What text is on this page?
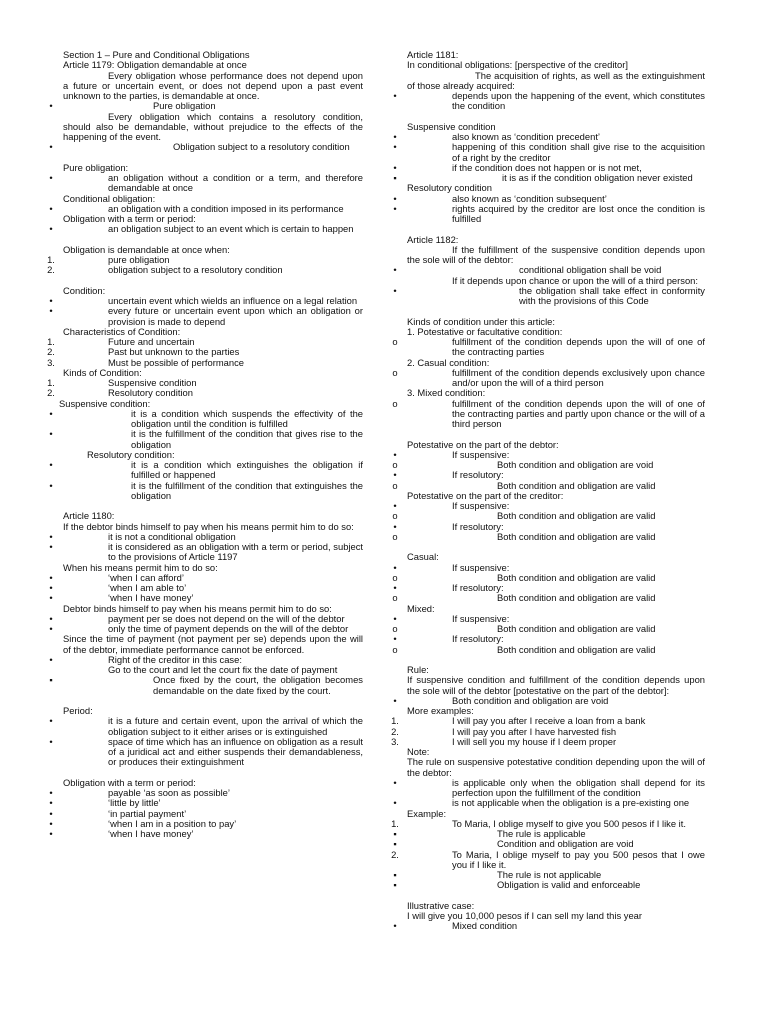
Section 1 – Pure and Conditional Obligations

Article 1179: Obligation demandable at once

Every obligation whose performance does not depend upon a future or uncertain event, or does not depend upon a past event unknown to the parties, is demandable at once.

•	Pure obligation

Every obligation which contains a resolutory condition, should also be demandable, without prejudice to the effects of the happening of the event.

•	Obligation subject to a resolutory condition

Pure obligation:

•	an obligation without a condition or a term, and therefore demandable at once

Conditional obligation:

•	an obligation with a condition imposed in its performance

Obligation with a term or period:

•	an obligation subject to an event which is certain to happen

Obligation is demandable at once when:

1.	pure obligation
2.	obligation subject to a resolutory condition

Condition:

•	uncertain event which wields an influence on a legal relation
•	every future or uncertain event upon which an obligation or provision is made to depend

Characteristics of Condition:

1.	Future and uncertain
2.	Past but unknown to the parties
3.	Must be possible of performance

Kinds of Condition:

1.	Suspensive condition
2.	Resolutory condition

Suspensive condition:

•	it is a condition which suspends the effectivity of the obligation until the condition is fulfilled
•	it is the fulfillment of the condition that gives rise to the obligation

Resolutory condition:

•	it is a condition which extinguishes the obligation if fulfilled or happened
•	it is the fulfillment of the condition that extinguishes the obligation

Article 1180:

If the debtor binds himself to pay when his means permit him to do so:

•	it is not a conditional obligation
•	it is considered as an obligation with a term or period, subject to the provisions of Article 1197

When his means permit him to do so:

•	‘when I can afford’
•	‘when I am able to’
•	‘when I have money’

Debtor binds himself to pay when his means permit him to do so:

•	payment per se does not depend on the will of the debtor
•	only the time of payment depends on the will of the debtor

Since the time of payment (not payment per se) depends upon the will of the debtor, immediate performance cannot be enforced.

•	Right of the creditor in this case:

Go to the court and let the court fix the date of payment

▪	Once fixed by the court, the obligation becomes demandable on the date fixed by the court.

Period:

•	it is a future and certain event, upon the arrival of which the obligation subject to it either arises or is extinguished
•	space of time which has an influence on obligation as a result of a juridical act and either suspends their demandableness, or produces their extinguishment

Obligation with a term or period:

•	payable ‘as soon as possible’
•	‘little by little’
•	‘in partial payment’
•	‘when I am in a position to pay’
•	‘when I have money’

Article 1181:

In conditional obligations: [perspective of the creditor]

The acquisition of rights, as well as the extinguishment of those already acquired:

•	depends upon the happening of the event, which constitutes the condition

Suspensive condition

•	also known as ‘condition precedent’
•	happening of this condition shall give rise to the acquisition of a right by the creditor
•	if the condition does not happen or is not met,
▪	it is as if the condition obligation never existed

Resolutory condition

•	also known as ‘condition subsequent’
•	rights acquired by the creditor are lost once the condition is fulfilled

Article 1182:

If the fulfillment of the suspensive condition depends upon the sole will of the debtor:

•	conditional obligation shall be void

If it depends upon chance or upon the will of a third person:

•	the obligation shall take effect in conformity with the provisions of this Code

Kinds of condition under this article:

1. Potestative or facultative condition:

o	fulfillment of the condition depends upon the will of one of the contracting parties

2. Casual condition:

o	fulfillment of the condition depends exclusively upon chance and/or upon the will of a third person

3. Mixed condition:

o	fulfillment of the condition depends upon the will of one of the contracting parties and partly upon chance or the will of a third person

Potestative on the part of the debtor:

•	If suspensive:
o	Both condition and obligation are void
•	If resolutory:
o	Both condition and obligation are valid

Potestative on the part of the creditor:

•	If suspensive:
o	Both condition and obligation are valid
•	If resolutory:
o	Both condition and obligation are valid

Casual:

•	If suspensive:
o	Both condition and obligation are valid
•	If resolutory:
o	Both condition and obligation are valid

Mixed:

•	If suspensive:
o	Both condition and obligation are valid
•	If resolutory:
o	Both condition and obligation are valid

Rule:

If suspensive condition and fulfillment of the condition depends upon the sole will of the debtor [potestative on the part of the debtor]:

•	Both condition and obligation are void

More examples:

1.	I will pay you after I receive a loan from a bank
2.	I will pay you after I have harvested fish
3.	I will sell you my house if I deem proper

Note:

The rule on suspensive potestative condition depending upon the will of the debtor:

•	is applicable only when the obligation shall depend for its perfection upon the fulfillment of the condition
•	is not applicable when the obligation is a pre-existing one

Example:

1.	To Maria, I oblige myself to give you 500 pesos if I like it.
▪	The rule is applicable
▪	Condition and obligation are void
2.	To Maria, I oblige myself to pay you 500 pesos that I owe you if I like it.
▪	The rule is not applicable
▪	Obligation is valid and enforceable

Illustrative case:

I will give you 10,000 pesos if I can sell my land this year

•	Mixed condition
